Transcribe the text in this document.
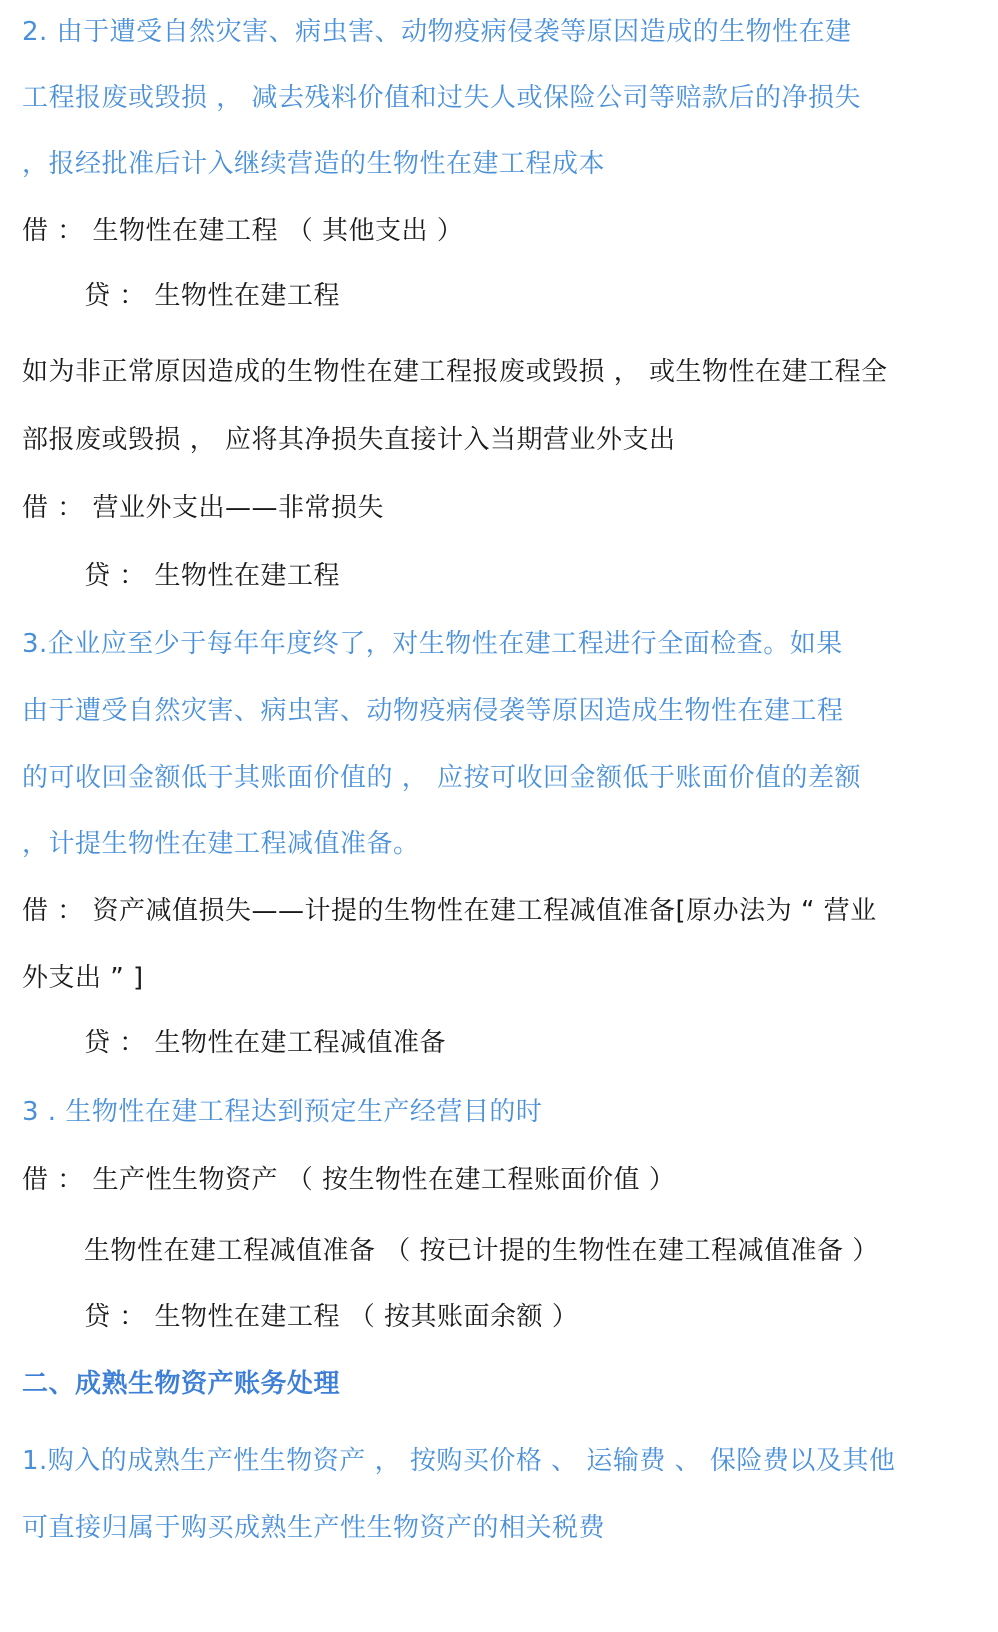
2. 由于遭受自然灾害、病虫害、动物疫病侵袭等原因造成的生物性在建
工程报废或毁损 ， 减去残料价值和过失人或保险公司等赔款后的净损失
，报经批准后计入继续营造的生物性在建工程成本
借 ： 生物性在建工程 （ 其他支出 ）
贷 ： 生物性在建工程
如为非正常原因造成的生物性在建工程报废或毁损 ， 或生物性在建工程全
部报废或毁损 ， 应将其净损失直接计入当期营业外支出
借 ： 营业外支出——非常损失
贷 ： 生物性在建工程
3.企业应至少于每年年度终了，对生物性在建工程进行全面检查。如果
由于遭受自然灾害、病虫害、动物疫病侵袭等原因造成生物性在建工程
的可收回金额低于其账面价值的 ， 应按可收回金额低于账面价值的差额
，计提生物性在建工程减值准备。
借 ： 资产减值损失——计提的生物性在建工程减值准备[原办法为 “ 营业
外支出 ” ]
贷 ： 生物性在建工程减值准备
3 . 生物性在建工程达到预定生产经营目的时
借 ： 生产性生物资产 （ 按生物性在建工程账面价值 ）
生物性在建工程减值准备 （ 按已计提的生物性在建工程减值准备 ）
贷 ： 生物性在建工程 （ 按其账面余额 ）
二、成熟生物资产账务处理
1.购入的成熟生产性生物资产 ， 按购买价格 、 运输费 、 保险费以及其他
可直接归属于购买成熟生产性生物资产的相关税费
